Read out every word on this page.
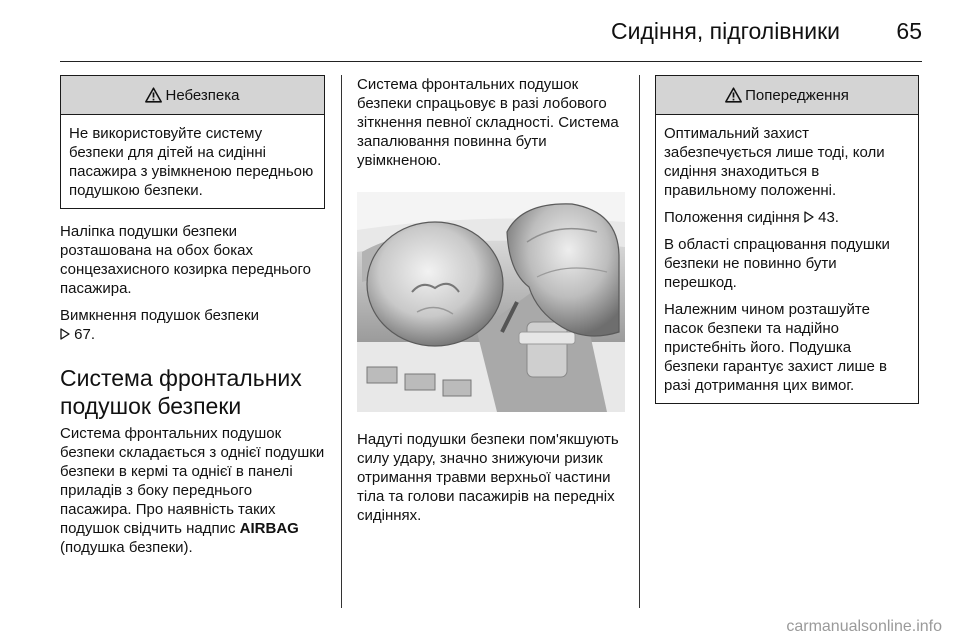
Сидіння, підголівники 65
Небезпека

Не використовуйте систему безпеки для дітей на сидінні пасажира з увімкненою передньою подушкою безпеки.

Наліпка подушки безпеки розташована на обох боках сонцезахисного козирка переднього пасажира.

Вимкнення подушок безпеки
67.

Система фронтальних подушок безпеки

Система фронтальних подушок безпеки складається з однієї подушки безпеки в кермі та однієї в панелі приладів з боку переднього пасажира. Про наявність таких подушок свідчить надпис AIRBAG (подушка безпеки).

Система фронтальних подушок безпеки спрацьовує в разі лобового зіткнення певної складності. Система запалювання повинна бути увімкненою.

Надуті подушки безпеки пом'якшують силу удару, значно знижуючи ризик отримання травми верхньої частини тіла та голови пасажирів на передніх сидіннях.

Попередження

Оптимальний захист забезпечується лише тоді, коли сидіння знаходиться в правильному положенні.

Положення сидіння 43.

В області спрацювання подушки безпеки не повинно бути перешкод.

Належним чином розташуйте пасок безпеки та надійно пристебніть його. Подушка безпеки гарантує захист лише в разі дотримання цих вимог.

carmanualsonline.info
